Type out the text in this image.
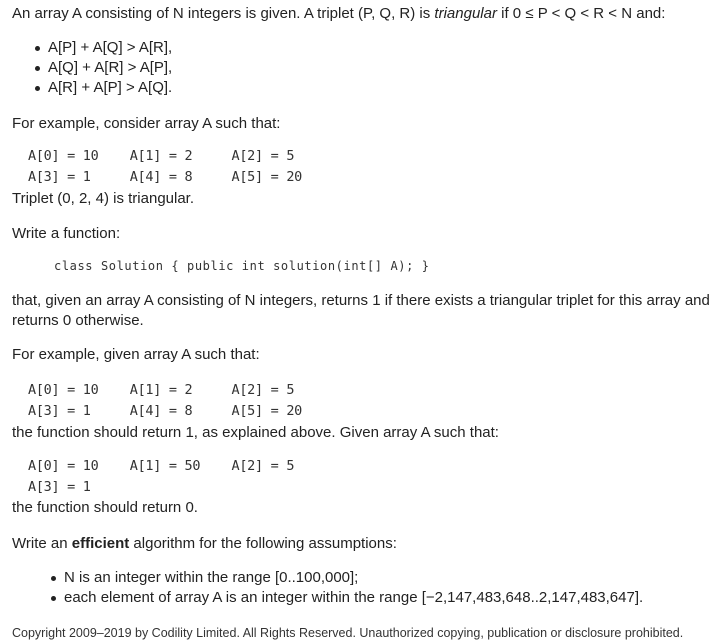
An array A consisting of N integers is given. A triplet (P, Q, R) is triangular if 0 ≤ P < Q < R < N and:

A[P] + A[Q] > A[R],
A[Q] + A[R] > A[P],
A[R] + A[P] > A[Q].

For example, consider array A such that:

A[0] = 10    A[1] = 2     A[2] = 5
A[3] = 1     A[4] = 8     A[5] = 20

Triplet (0, 2, 4) is triangular.

Write a function:

class Solution { public int solution(int[] A); }

that, given an array A consisting of N integers, returns 1 if there exists a triangular triplet for this array and returns 0 otherwise.

For example, given array A such that:

A[0] = 10    A[1] = 2     A[2] = 5
A[3] = 1     A[4] = 8     A[5] = 20

the function should return 1, as explained above. Given array A such that:

A[0] = 10    A[1] = 50    A[2] = 5
A[3] = 1

the function should return 0.

Write an efficient algorithm for the following assumptions:

N is an integer within the range [0..100,000];
each element of array A is an integer within the range [−2,147,483,648..2,147,483,647].
Copyright 2009–2019 by Codility Limited. All Rights Reserved. Unauthorized copying, publication or disclosure prohibited.
